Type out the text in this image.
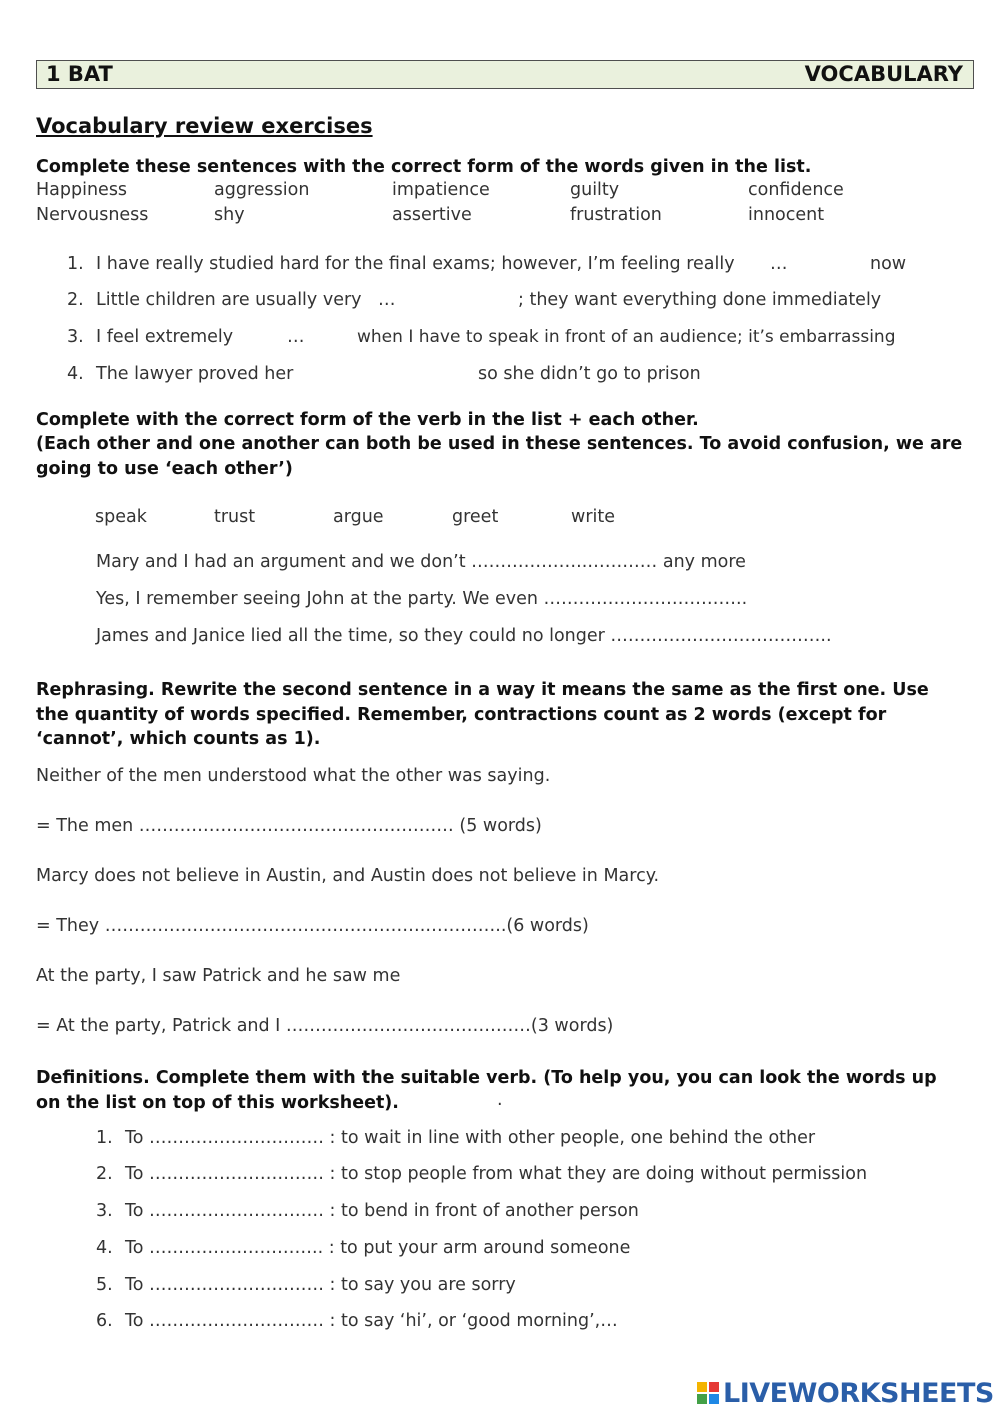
1 BAT	VOCABULARY
Vocabulary review exercises
Complete these sentences with the correct form of the words given in the list.
Happiness	aggression	impatience	guilty	confidence
Nervousness	shy	assertive	frustration	innocent
1. I have really studied hard for the final exams; however, I’m feeling really …	now
2. Little children are usually very …	; they want everything done immediately
3. I feel extremely	…	when I have to speak in front of an audience; it’s embarrassing
4. The lawyer proved her	so she didn’t go to prison
Complete with the correct form of the verb in the list + each other.
(Each other and one another can both be used in these sentences. To avoid confusion, we are going to use ‘each other’)
speak	trust	argue	greet	write
Mary and I had an argument and we don’t ………………..………… any more
Yes, I remember seeing John at the party. We even ……………………………..
James and Janice lied all the time, so they could no longer ………………………………..
Rephrasing. Rewrite the second sentence in a way it means the same as the first one. Use the quantity of words specified. Remember, contractions count as 2 words (except for ‘cannot’, which counts as 1).
Neither of the men understood what the other was saying.
= The men ……………………………………………… (5 words)
Marcy does not believe in Austin, and Austin does not believe in Marcy.
= They ……………………………………………….…………..(6 words)
At the party, I saw Patrick and he saw me
= At the party, Patrick and I ……………………………………(3 words)
Definitions. Complete them with the suitable verb. (To help you, you can look the words up on the list on top of this worksheet).	.
1. To ………………………… : to wait in line with other people, one behind the other
2. To ………………………… : to stop people from what they are doing without permission
3. To ………………………… : to bend in front of another person
4. To …………….………….. : to put your arm around someone
5. To ………………………… : to say you are sorry
6. To ………………………… : to say ‘hi’, or ‘good morning’,…
LIVEWORKSHEETS
